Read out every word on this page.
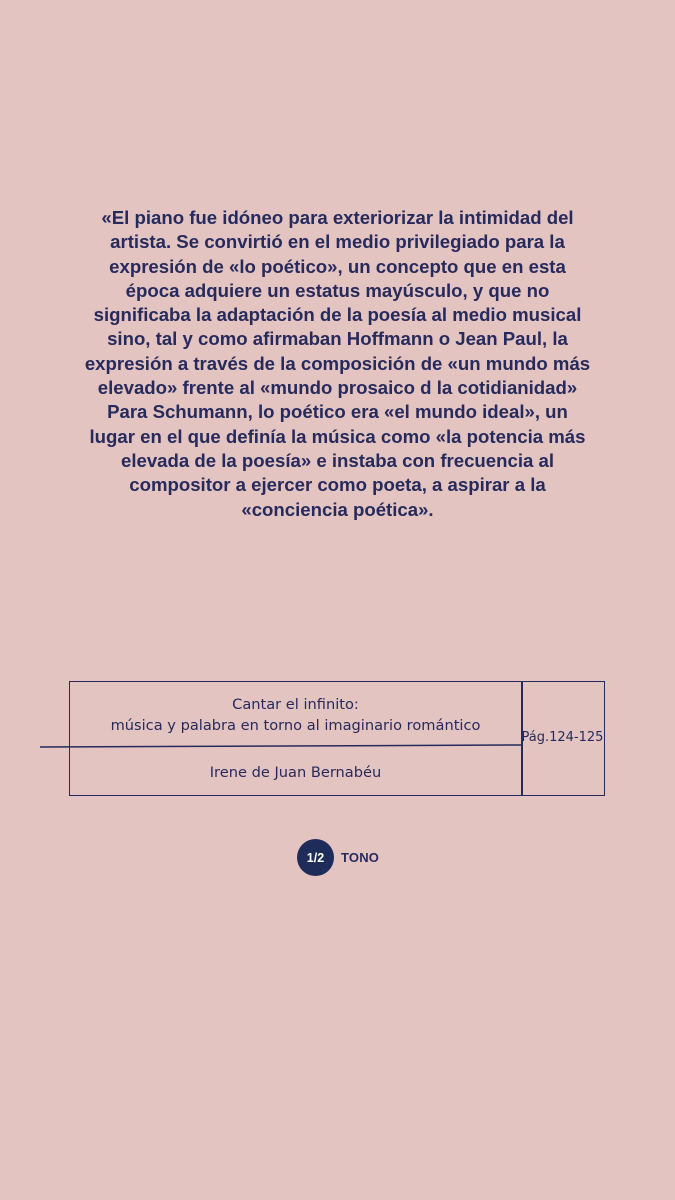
«El piano fue idóneo para exteriorizar la intimidad del
artista. Se convirtió en el medio privilegiado para la
expresión de «lo poético», un concepto que en esta
época adquiere un estatus mayúsculo, y que no
significaba la adaptación de la poesía al medio musical
sino, tal y como afirmaban Hoffmann o Jean Paul, la
expresión a través de la composición de «un mundo más
elevado» frente al «mundo prosaico d la cotidianidad»
Para Schumann, lo poético era «el mundo ideal», un
lugar en el que definía la música como «la potencia más
elevada de la poesía» e instaba con frecuencia al
compositor a ejercer como poeta, a aspirar a la
«conciencia poética».

Cantar el infinito:
música y palabra en torno al imaginario romántico
Irene de Juan Bernabéu
Pág.124-125
1/2	TONO
